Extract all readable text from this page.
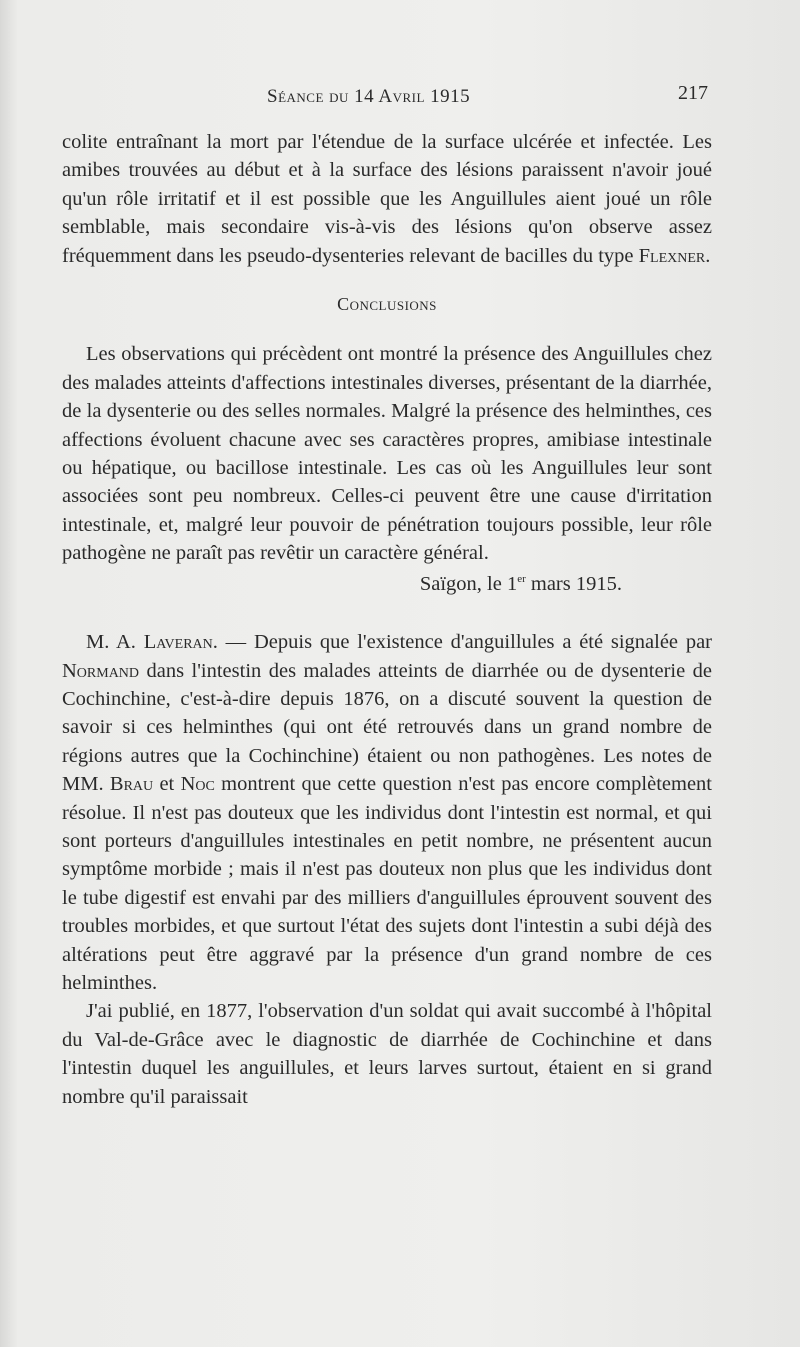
Séance du 14 Avril 1915	217

colite entraînant la mort par l'étendue de la surface ulcérée et infectée. Les amibes trouvées au début et à la surface des lésions paraissent n'avoir joué qu'un rôle irritatif et il est possible que les Anguillules aient joué un rôle semblable, mais secondaire vis-à-vis des lésions qu'on observe assez fréquemment dans les pseudo-dysenteries relevant de bacilles du type Flexner.

Conclusions

Les observations qui précèdent ont montré la présence des Anguillules chez des malades atteints d'affections intestinales diverses, présentant de la diarrhée, de la dysenterie ou des selles normales. Malgré la présence des helminthes, ces affections évoluent chacune avec ses caractères propres, amibiase intestinale ou hépatique, ou bacillose intestinale. Les cas où les Anguillules leur sont associées sont peu nombreux. Celles-ci peuvent être une cause d'irritation intestinale, et, malgré leur pouvoir de pénétration toujours possible, leur rôle pathogène ne paraît pas revêtir un caractère général.

Saïgon, le 1er mars 1915.

M. A. Laveran. — Depuis que l'existence d'anguillules a été signalée par Normand dans l'intestin des malades atteints de diarrhée ou de dysenterie de Cochinchine, c'est-à-dire depuis 1876, on a discuté souvent la question de savoir si ces helminthes (qui ont été retrouvés dans un grand nombre de régions autres que la Cochinchine) étaient ou non pathogènes. Les notes de MM. Brau et Noc montrent que cette question n'est pas encore complètement résolue. Il n'est pas douteux que les individus dont l'intestin est normal, et qui sont porteurs d'anguillules intestinales en petit nombre, ne présentent aucun symptôme morbide ; mais il n'est pas douteux non plus que les individus dont le tube digestif est envahi par des milliers d'anguillules éprouvent souvent des troubles morbides, et que surtout l'état des sujets dont l'intestin a subi déjà des altérations peut être aggravé par la présence d'un grand nombre de ces helminthes.

J'ai publié, en 1877, l'observation d'un soldat qui avait succombé à l'hôpital du Val-de-Grâce avec le diagnostic de diarrhée de Cochinchine et dans l'intestin duquel les anguillules, et leurs larves surtout, étaient en si grand nombre qu'il paraissait
